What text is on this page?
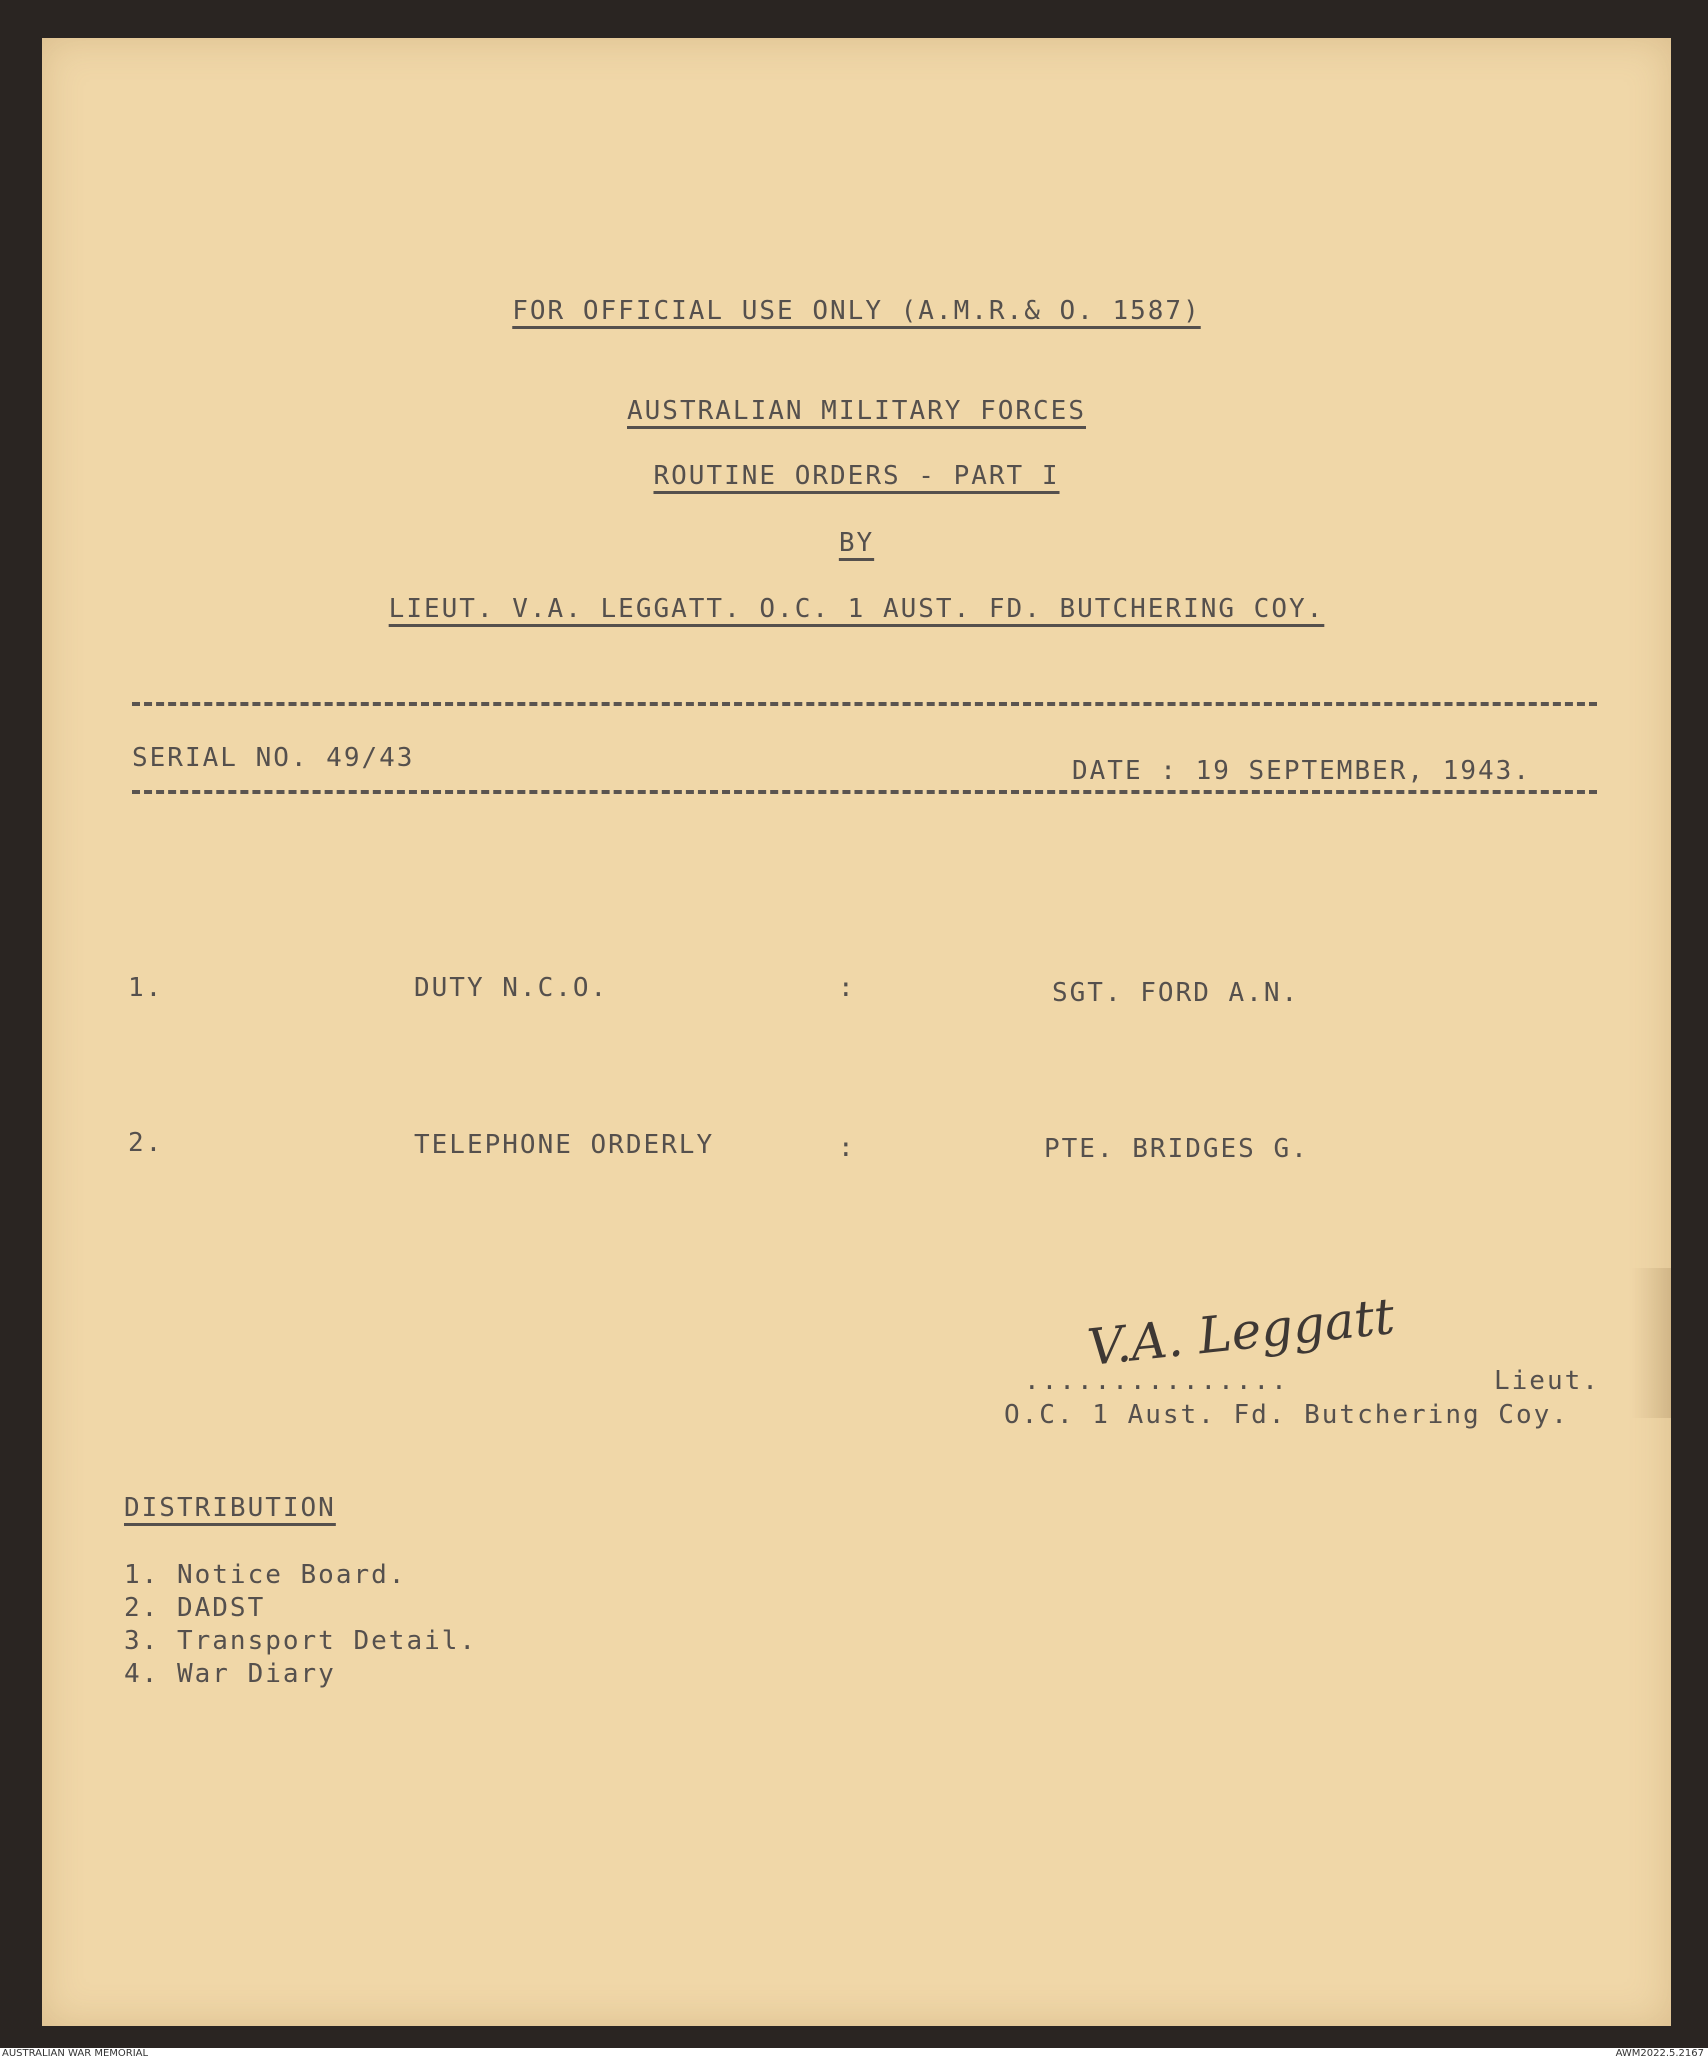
FOR OFFICIAL USE ONLY (A.M.R.& O. 1587)
AUSTRALIAN MILITARY FORCES
ROUTINE ORDERS - PART I
BY
LIEUT. V.A. LEGGATT. O.C. 1 AUST. FD. BUTCHERING COY.
SERIAL NO. 49/43	DATE : 19 SEPTEMBER, 1943.
1.	DUTY N.C.O.	:	SGT. FORD A.N.
2.	TELEPHONE ORDERLY	:	PTE. BRIDGES G.
V.A. Leggatt
...............	Lieut.
O.C. 1 Aust. Fd. Butchering Coy.
DISTRIBUTION
1. Notice Board.
2. DADST
3. Transport Detail.
4. War Diary
AUSTRALIAN WAR MEMORIAL	AWM2022.5.2167
